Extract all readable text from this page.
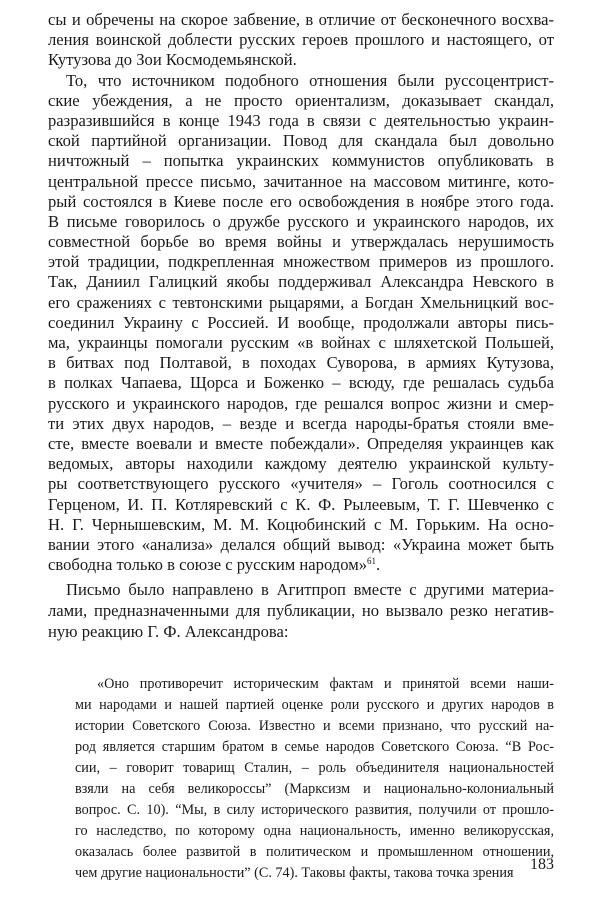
сы и обречены на скорое забвение, в отличие от бесконечного восхва-
ления воинской доблести русских героев прошлого и настоящего, от
Кутузова до Зои Космодемьянской.
То, что источником подобного отношения были руссоцентрист-
ские убеждения, а не просто ориентализм, доказывает скандал,
разразившийся в конце 1943 года в связи с деятельностью украин-
ской партийной организации. Повод для скандала был довольно
ничтожный – попытка украинских коммунистов опубликовать в
центральной прессе письмо, зачитанное на массовом митинге, кото-
рый состоялся в Киеве после его освобождения в ноябре этого года.
В письме говорилось о дружбе русского и украинского народов, их
совместной борьбе во время войны и утверждалась нерушимость
этой традиции, подкрепленная множеством примеров из прошлого.
Так, Даниил Галицкий якобы поддерживал Александра Невского в
его сражениях с тевтонскими рыцарями, а Богдан Хмельницкий вос-
соединил Украину с Россией. И вообще, продолжали авторы пись-
ма, украинцы помогали русским «в войнах с шляхетской Польшей,
в битвах под Полтавой, в походах Суворова, в армиях Кутузова,
в полках Чапаева, Щорса и Боженко – всюду, где решалась судьба
русского и украинского народов, где решался вопрос жизни и смер-
ти этих двух народов, – везде и всегда народы-братья стояли вме-
сте, вместе воевали и вместе побеждали». Определяя украинцев как
ведомых, авторы находили каждому деятелю украинской культу-
ры соответствующего русского «учителя» – Гоголь соотносился с
Герценом, И. П. Котляревский с К. Ф. Рылеевым, Т. Г. Шевченко с
Н. Г. Чернышевским, М. М. Коцюбинский с М. Горьким. На осно-
вании этого «анализа» делался общий вывод: «Украина может быть
свободна только в союзе с русским народом»$^{61}$.
Письмо было направлено в Агитпроп вместе с другими материа-
лами, предназначенными для публикации, но вызвало резко негатив-
ную реакцию Г. Ф. Александрова:
«Оно противоречит историческим фактам и принятой всеми наши-
ми народами и нашей партией оценке роли русского и других народов в
истории Советского Союза. Известно и всеми признано, что русский на-
род является старшим братом в семье народов Советского Союза. “В Рос-
сии, – говорит товарищ Сталин, – роль объединителя национальностей
взяли на себя великороссы” (Марксизм и национально-колониальный
вопрос. С. 10). “Мы, в силу исторического развития, получили от прошло-
го наследство, по которому одна национальность, именно великорусская,
оказалась более развитой в политическом и промышленном отношении,
чем другие национальности” (С. 74). Таковы факты, такова точка зрения	183
